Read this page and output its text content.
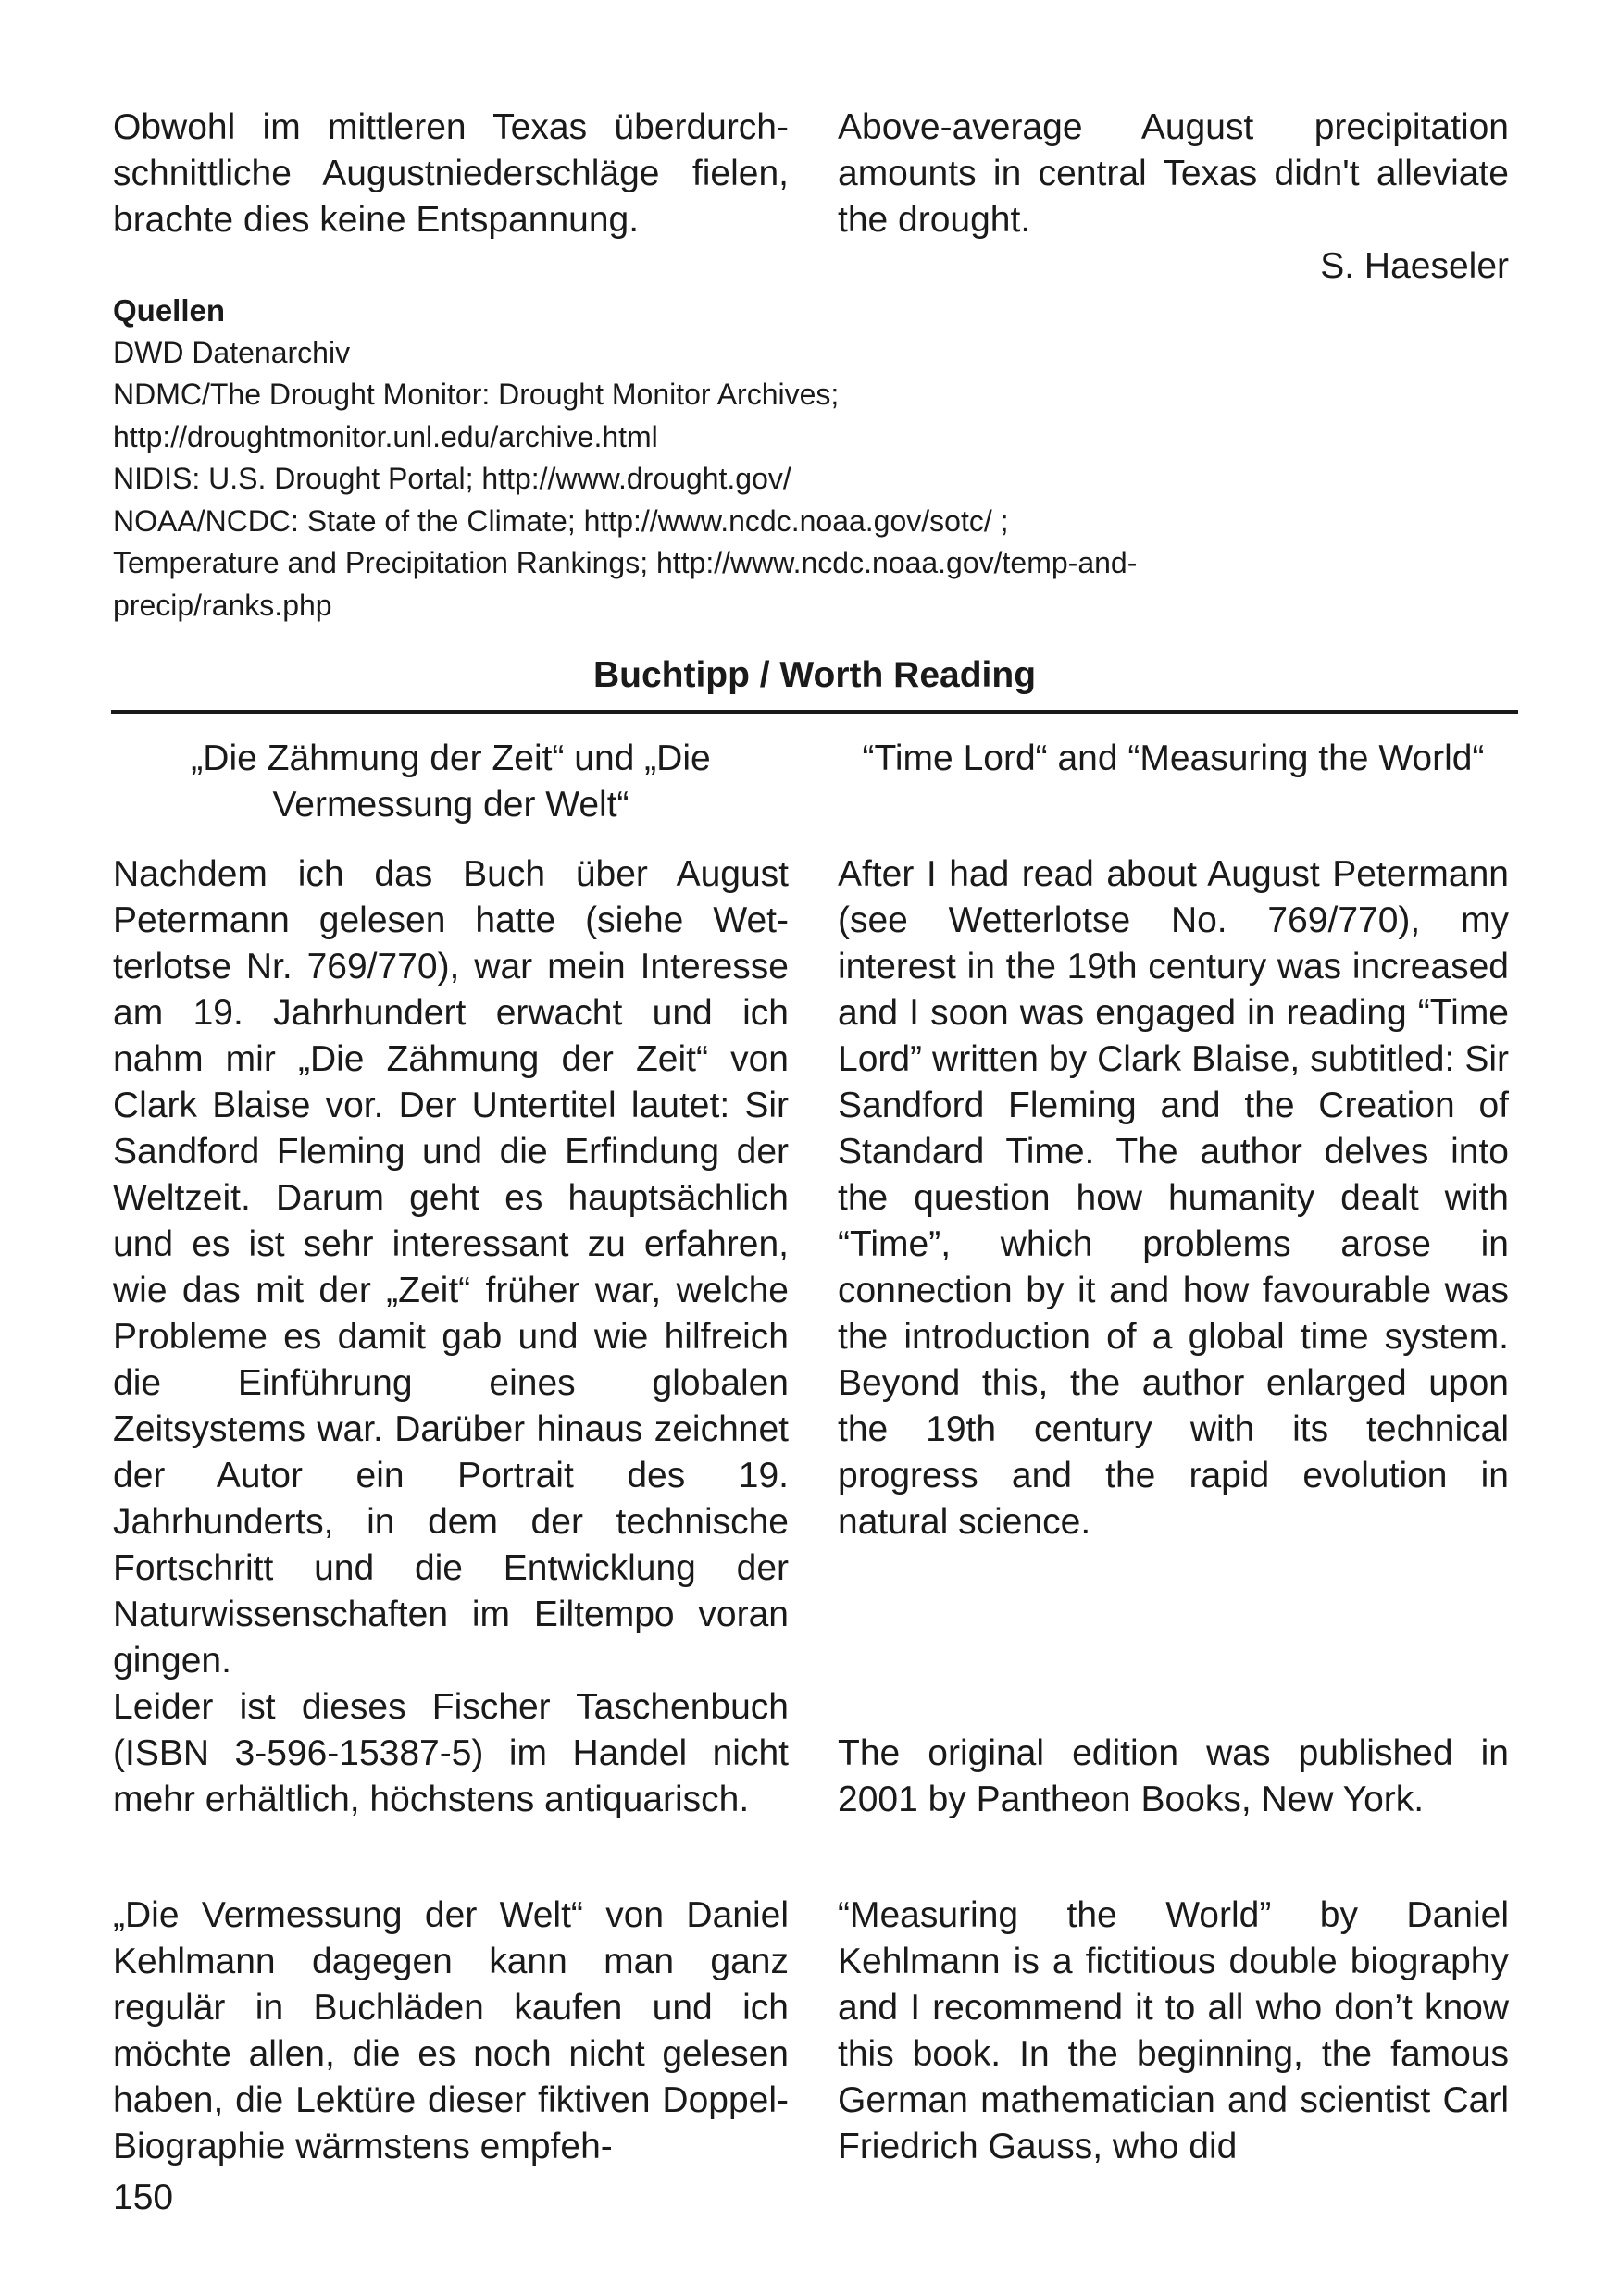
Obwohl im mittleren Texas überdurchschnittliche Augustniederschläge fielen, brachte dies keine Entspannung.

Above-average August precipitation amounts in central Texas didn't alleviate the drought.

S. Haeseler
Quellen
DWD Datenarchiv
NDMC/The Drought Monitor: Drought Monitor Archives;
http://droughtmonitor.unl.edu/archive.html
NIDIS: U.S. Drought Portal; http://www.drought.gov/
NOAA/NCDC: State of the Climate; http://www.ncdc.noaa.gov/sotc/ ;
Temperature and Precipitation Rankings; http://www.ncdc.noaa.gov/temp-and-
precip/ranks.php
Buchtipp / Worth Reading
„Die Zähmung der Zeit“ und „Die Vermessung der Welt“
“Time Lord“ and “Measuring the World“

Nachdem ich das Buch über August Petermann gelesen hatte (siehe Wetterlotse Nr. 769/770), war mein Interesse am 19. Jahrhundert erwacht und ich nahm mir „Die Zähmung der Zeit“ von Clark Blaise vor. Der Untertitel lautet: Sir Sandford Fleming und die Erfindung der Weltzeit. Darum geht es hauptsächlich und es ist sehr interessant zu erfahren, wie das mit der „Zeit“ früher war, welche Probleme es damit gab und wie hilfreich die Einführung eines globalen Zeitsystems war. Darüber hinaus zeichnet der Autor ein Portrait des 19. Jahrhunderts, in dem der technische Fortschritt und die Entwicklung der Naturwissenschaften im Eiltempo voran gingen.

After I had read about August Petermann (see Wetterlotse No. 769/770), my interest in the 19th century was increased and I soon was engaged in reading “Time Lord” written by Clark Blaise, subtitled: Sir Sandford Fleming and the Creation of Standard Time. The author delves into the question how humanity dealt with “Time”, which problems arose in connection by it and how favourable was the introduction of a global time system. Beyond this, the author enlarged upon the 19th century with its technical progress and the rapid evolution in natural science.

Leider ist dieses Fischer Taschenbuch (ISBN 3-596-15387-5) im Handel nicht mehr erhältlich, höchstens antiquarisch.

The original edition was published in 2001 by Pantheon Books, New York.

„Die Vermessung der Welt“ von Daniel Kehlmann dagegen kann man ganz regulär in Buchläden kaufen und ich möchte allen, die es noch nicht gelesen haben, die Lektüre dieser fiktiven Doppel-Biographie wärmstens empfeh-

“Measuring the World” by Daniel Kehlmann is a fictitious double biography and I recommend it to all who don’t know this book. In the beginning, the famous German mathematician and scientist Carl Friedrich Gauss, who did

150
